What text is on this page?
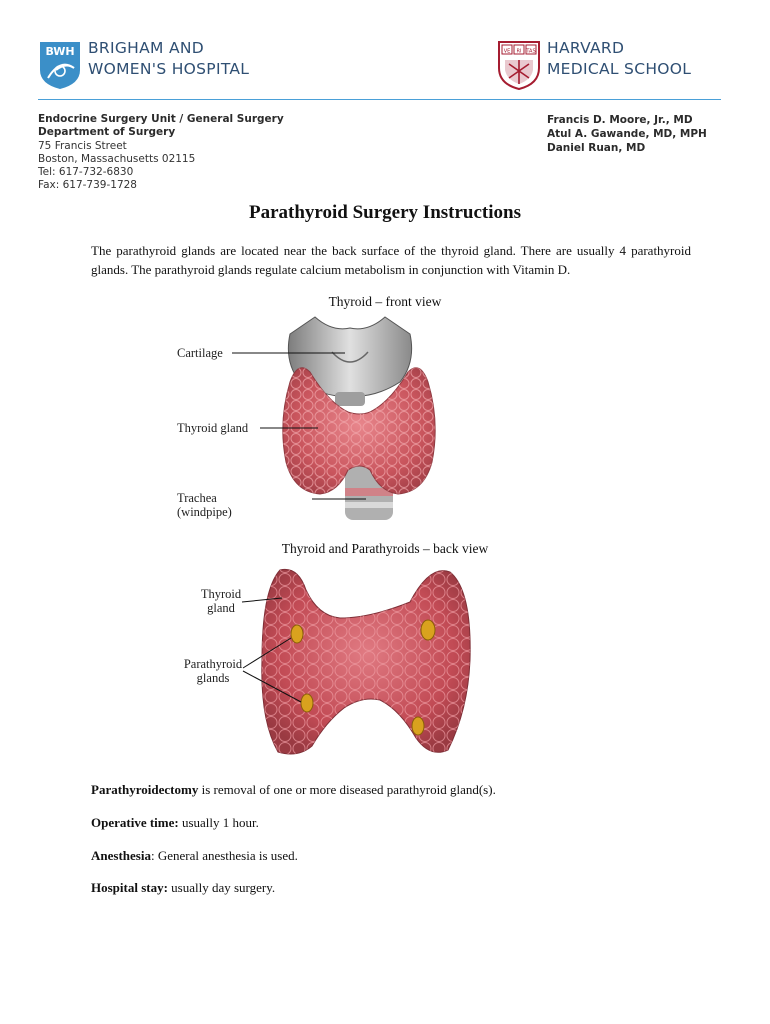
BWH BRIGHAM AND
WOMEN'S HOSPITAL
VE RI TAS HARVARD
MEDICAL SCHOOL
Endocrine Surgery Unit / General Surgery
Department of Surgery
75 Francis Street
Boston, Massachusetts 02115
Tel: 617-732-6830
Fax: 617-739-1728
Francis D. Moore, Jr., MD
Atul A. Gawande, MD, MPH
Daniel Ruan, MD
Parathyroid Surgery Instructions
The parathyroid glands are located near the back surface of the thyroid gland. There are usually 4 parathyroid glands. The parathyroid glands regulate calcium metabolism in conjunction with Vitamin D.
Thyroid – front view
Cartilage
Thyroid gland
Trachea
(windpipe)
Thyroid and Parathyroids – back view
Thyroid
gland
Parathyroid
glands
Parathyroidectomy is removal of one or more diseased parathyroid gland(s).
Operative time: usually 1 hour.
Anesthesia: General anesthesia is used.
Hospital stay: usually day surgery.
